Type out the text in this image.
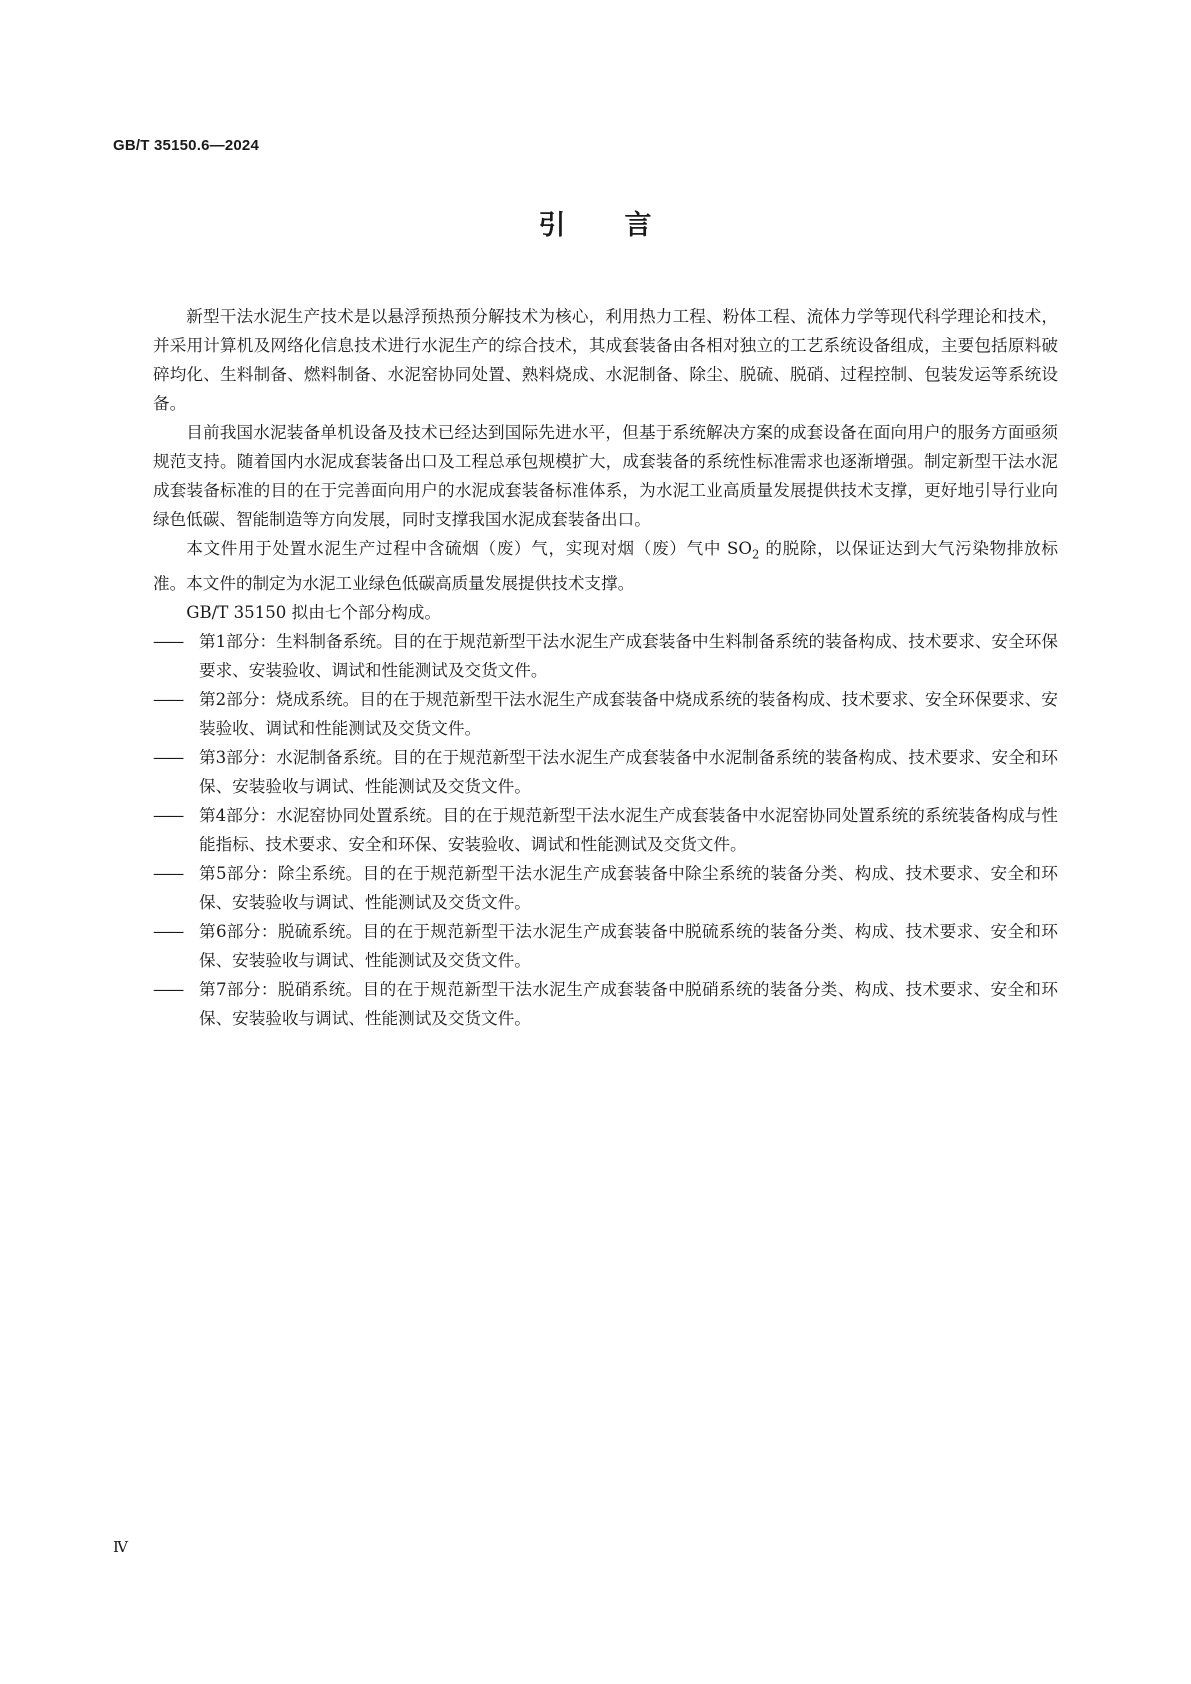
GB/T 35150.6—2024
引 言

新型干法水泥生产技术是以悬浮预热预分解技术为核心，利用热力工程、粉体工程、流体力学等现代科学理论和技术，并采用计算机及网络化信息技术进行水泥生产的综合技术，其成套装备由各相对独立的工艺系统设备组成，主要包括原料破碎均化、生料制备、燃料制备、水泥窑协同处置、熟料烧成、水泥制备、除尘、脱硫、脱硝、过程控制、包装发运等系统设备。

目前我国水泥装备单机设备及技术已经达到国际先进水平，但基于系统解决方案的成套设备在面向用户的服务方面亟须规范支持。随着国内水泥成套装备出口及工程总承包规模扩大，成套装备的系统性标准需求也逐渐增强。制定新型干法水泥成套装备标准的目的在于完善面向用户的水泥成套装备标准体系，为水泥工业高质量发展提供技术支撑，更好地引导行业向绿色低碳、智能制造等方向发展，同时支撑我国水泥成套装备出口。

本文件用于处置水泥生产过程中含硫烟（废）气，实现对烟（废）气中 $SO_2$ 的脱除，以保证达到大气污染物排放标准。本文件的制定为水泥工业绿色低碳高质量发展提供技术支撑。

GB/T 35150 拟由七个部分构成。

——	第1部分：生料制备系统。目的在于规范新型干法水泥生产成套装备中生料制备系统的装备构成、技术要求、安全环保要求、安装验收、调试和性能测试及交货文件。
——	第2部分：烧成系统。目的在于规范新型干法水泥生产成套装备中烧成系统的装备构成、技术要求、安全环保要求、安装验收、调试和性能测试及交货文件。
——	第3部分：水泥制备系统。目的在于规范新型干法水泥生产成套装备中水泥制备系统的装备构成、技术要求、安全和环保、安装验收与调试、性能测试及交货文件。
——	第4部分：水泥窑协同处置系统。目的在于规范新型干法水泥生产成套装备中水泥窑协同处置系统的系统装备构成与性能指标、技术要求、安全和环保、安装验收、调试和性能测试及交货文件。
——	第5部分：除尘系统。目的在于规范新型干法水泥生产成套装备中除尘系统的装备分类、构成、技术要求、安全和环保、安装验收与调试、性能测试及交货文件。
——	第6部分：脱硫系统。目的在于规范新型干法水泥生产成套装备中脱硫系统的装备分类、构成、技术要求、安全和环保、安装验收与调试、性能测试及交货文件。
——	第7部分：脱硝系统。目的在于规范新型干法水泥生产成套装备中脱硝系统的装备分类、构成、技术要求、安全和环保、安装验收与调试、性能测试及交货文件。
Ⅳ
